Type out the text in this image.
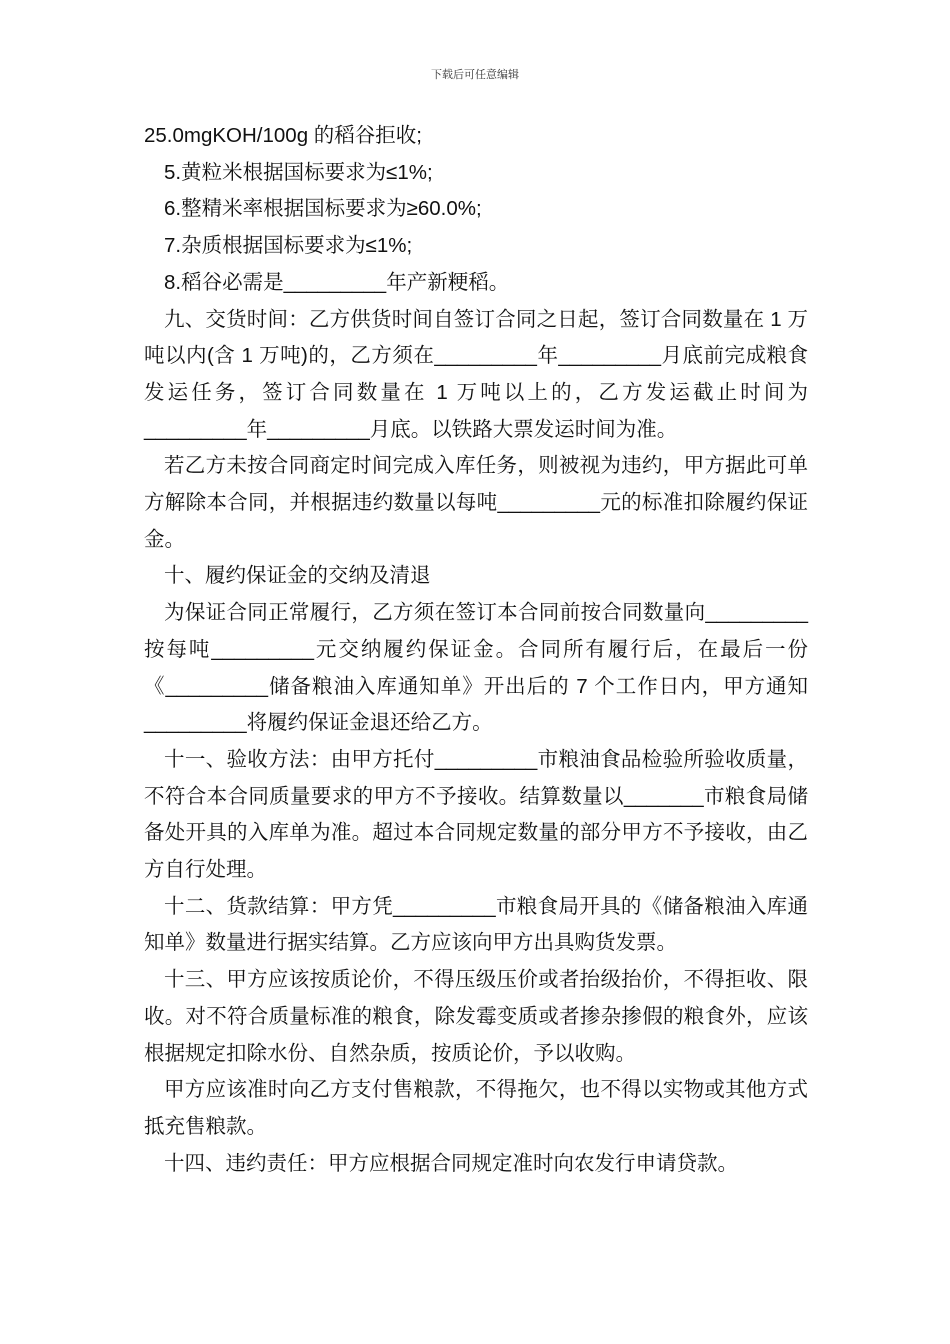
下载后可任意编辑

25.0mgKOH/100g 的稻谷拒收;

5.黄粒米根据国标要求为≤1%;

6.整精米率根据国标要求为≥60.0%;

7.杂质根据国标要求为≤1%;

8.稻谷必需是_________年产新粳稻。

九、交货时间：乙方供货时间自签订合同之日起，签订合同数量在 1 万吨以内(含 1 万吨)的，乙方须在_________年_________月底前完成粮食发运任务，签订合同数量在 1 万吨以上的，乙方发运截止时间为_________年_________月底。以铁路大票发运时间为准。

若乙方未按合同商定时间完成入库任务，则被视为违约，甲方据此可单方解除本合同，并根据违约数量以每吨_________元的标准扣除履约保证金。

十、履约保证金的交纳及清退

为保证合同正常履行，乙方须在签订本合同前按合同数量向_________按每吨_________元交纳履约保证金。合同所有履行后，在最后一份《_________储备粮油入库通知单》开出后的 7 个工作日内，甲方通知_________将履约保证金退还给乙方。

十一、验收方法：由甲方托付_________市粮油食品检验所验收质量，不符合本合同质量要求的甲方不予接收。结算数量以_______市粮食局储备处开具的入库单为准。超过本合同规定数量的部分甲方不予接收，由乙方自行处理。

十二、货款结算：甲方凭_________市粮食局开具的《储备粮油入库通知单》数量进行据实结算。乙方应该向甲方出具购货发票。

十三、甲方应该按质论价，不得压级压价或者抬级抬价，不得拒收、限收。对不符合质量标准的粮食，除发霉变质或者掺杂掺假的粮食外，应该根据规定扣除水份、自然杂质，按质论价，予以收购。

甲方应该准时向乙方支付售粮款，不得拖欠，也不得以实物或其他方式抵充售粮款。

十四、违约责任：甲方应根据合同规定准时向农发行申请贷款。
